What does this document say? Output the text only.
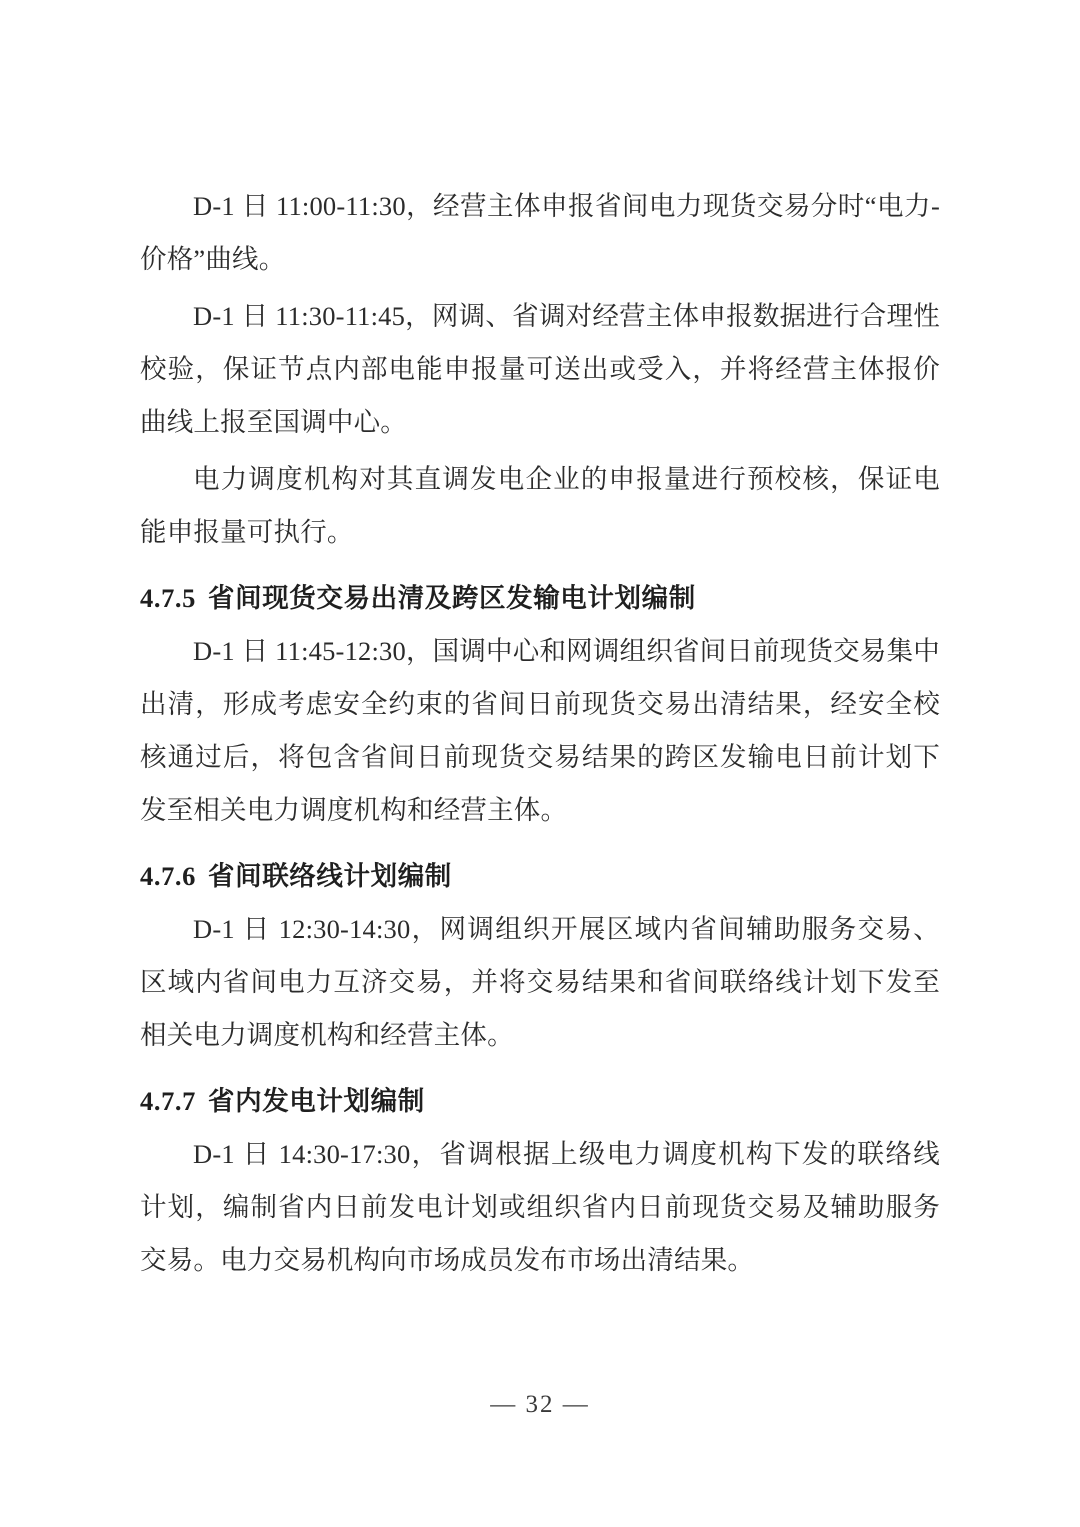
D-1 日 11:00-11:30，经营主体申报省间电力现货交易分时“电力-价格”曲线。

D-1 日 11:30-11:45，网调、省调对经营主体申报数据进行合理性校验，保证节点内部电能申报量可送出或受入，并将经营主体报价曲线上报至国调中心。

电力调度机构对其直调发电企业的申报量进行预校核，保证电能申报量可执行。

4.7.5 省间现货交易出清及跨区发输电计划编制

D-1 日 11:45-12:30，国调中心和网调组织省间日前现货交易集中出清，形成考虑安全约束的省间日前现货交易出清结果，经安全校核通过后，将包含省间日前现货交易结果的跨区发输电日前计划下发至相关电力调度机构和经营主体。

4.7.6 省间联络线计划编制

D-1 日 12:30-14:30，网调组织开展区域内省间辅助服务交易、区域内省间电力互济交易，并将交易结果和省间联络线计划下发至相关电力调度机构和经营主体。

4.7.7 省内发电计划编制

D-1 日 14:30-17:30，省调根据上级电力调度机构下发的联络线计划，编制省内日前发电计划或组织省内日前现货交易及辅助服务交易。电力交易机构向市场成员发布市场出清结果。

— 32 —
